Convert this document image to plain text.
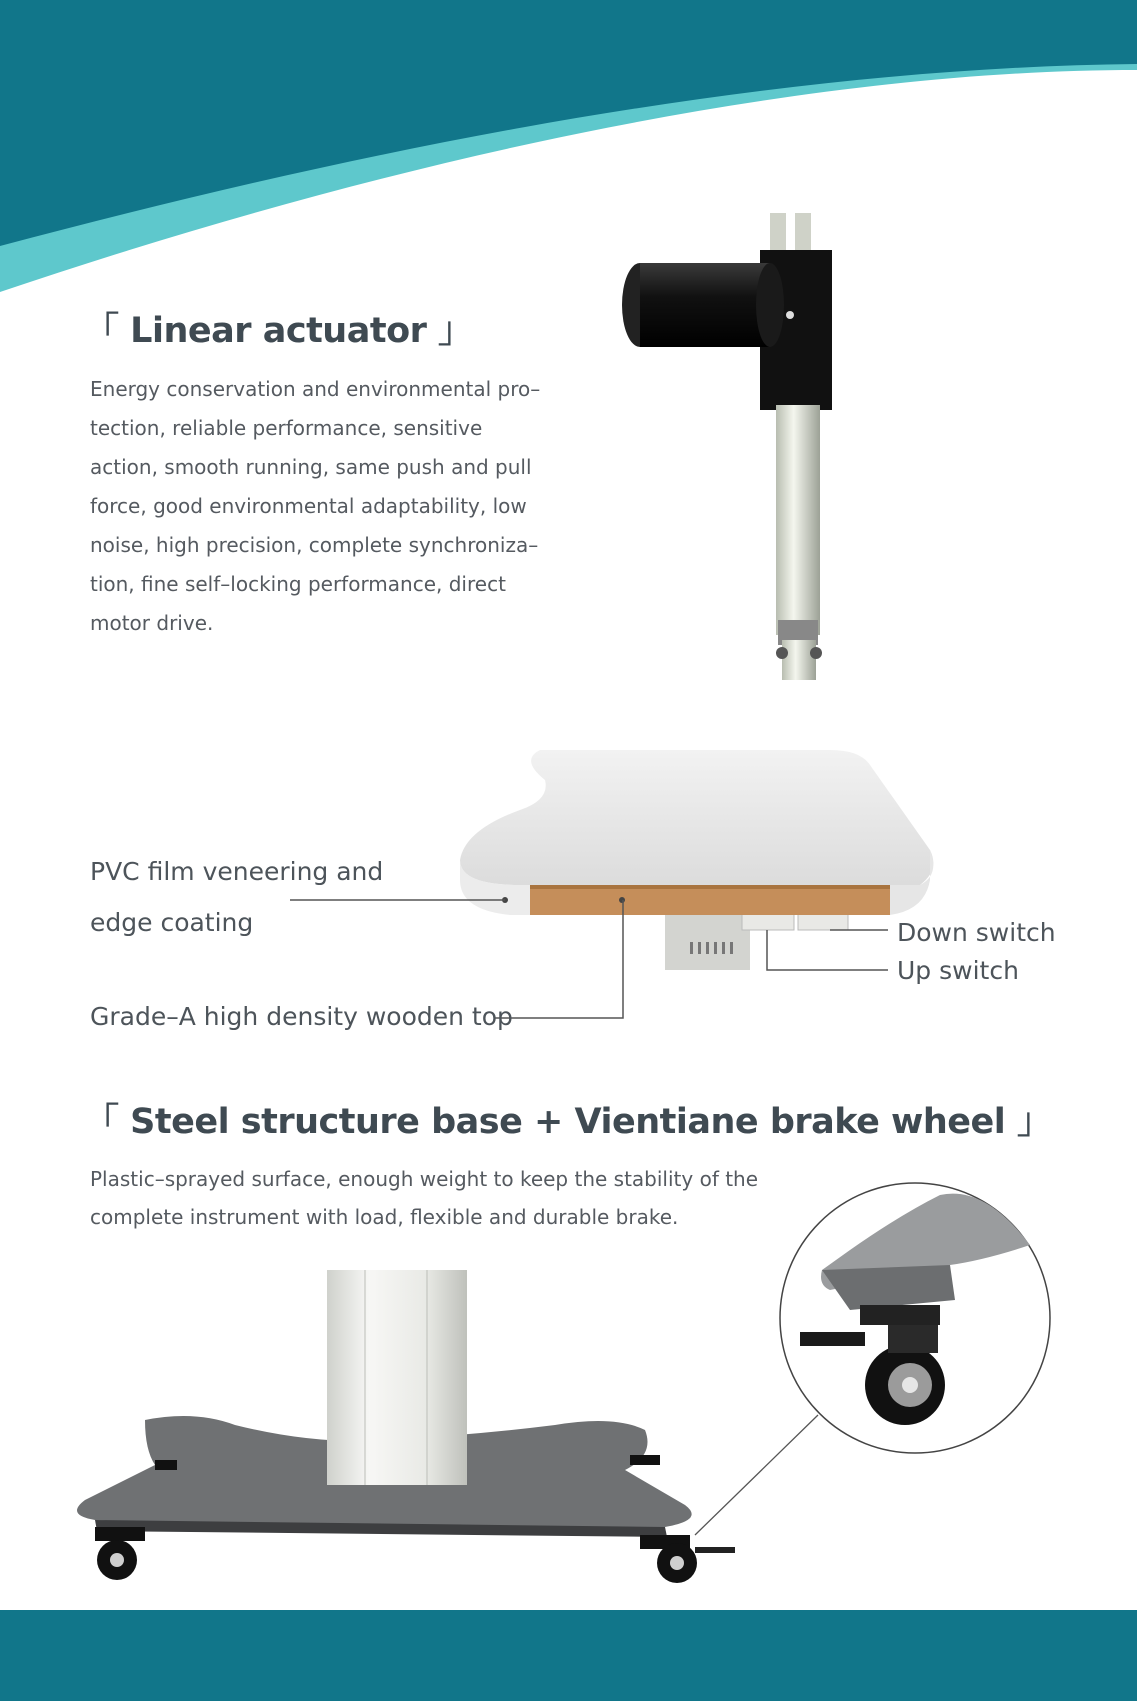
「 Linear actuator 」
Energy conservation and environmental pro–
tection, reliable performance, sensitive
action, smooth running, same push and pull
force, good environmental adaptability, low
noise, high precision, complete synchroniza–
tion, fine self–locking performance, direct
motor drive.
PVC film veneering and
edge coating
Grade–A high density wooden top
Down switch
Up switch
「 Steel structure base + Vientiane brake wheel 」
Plastic–sprayed surface, enough weight to keep the stability of the
complete instrument with load, flexible and durable brake.
